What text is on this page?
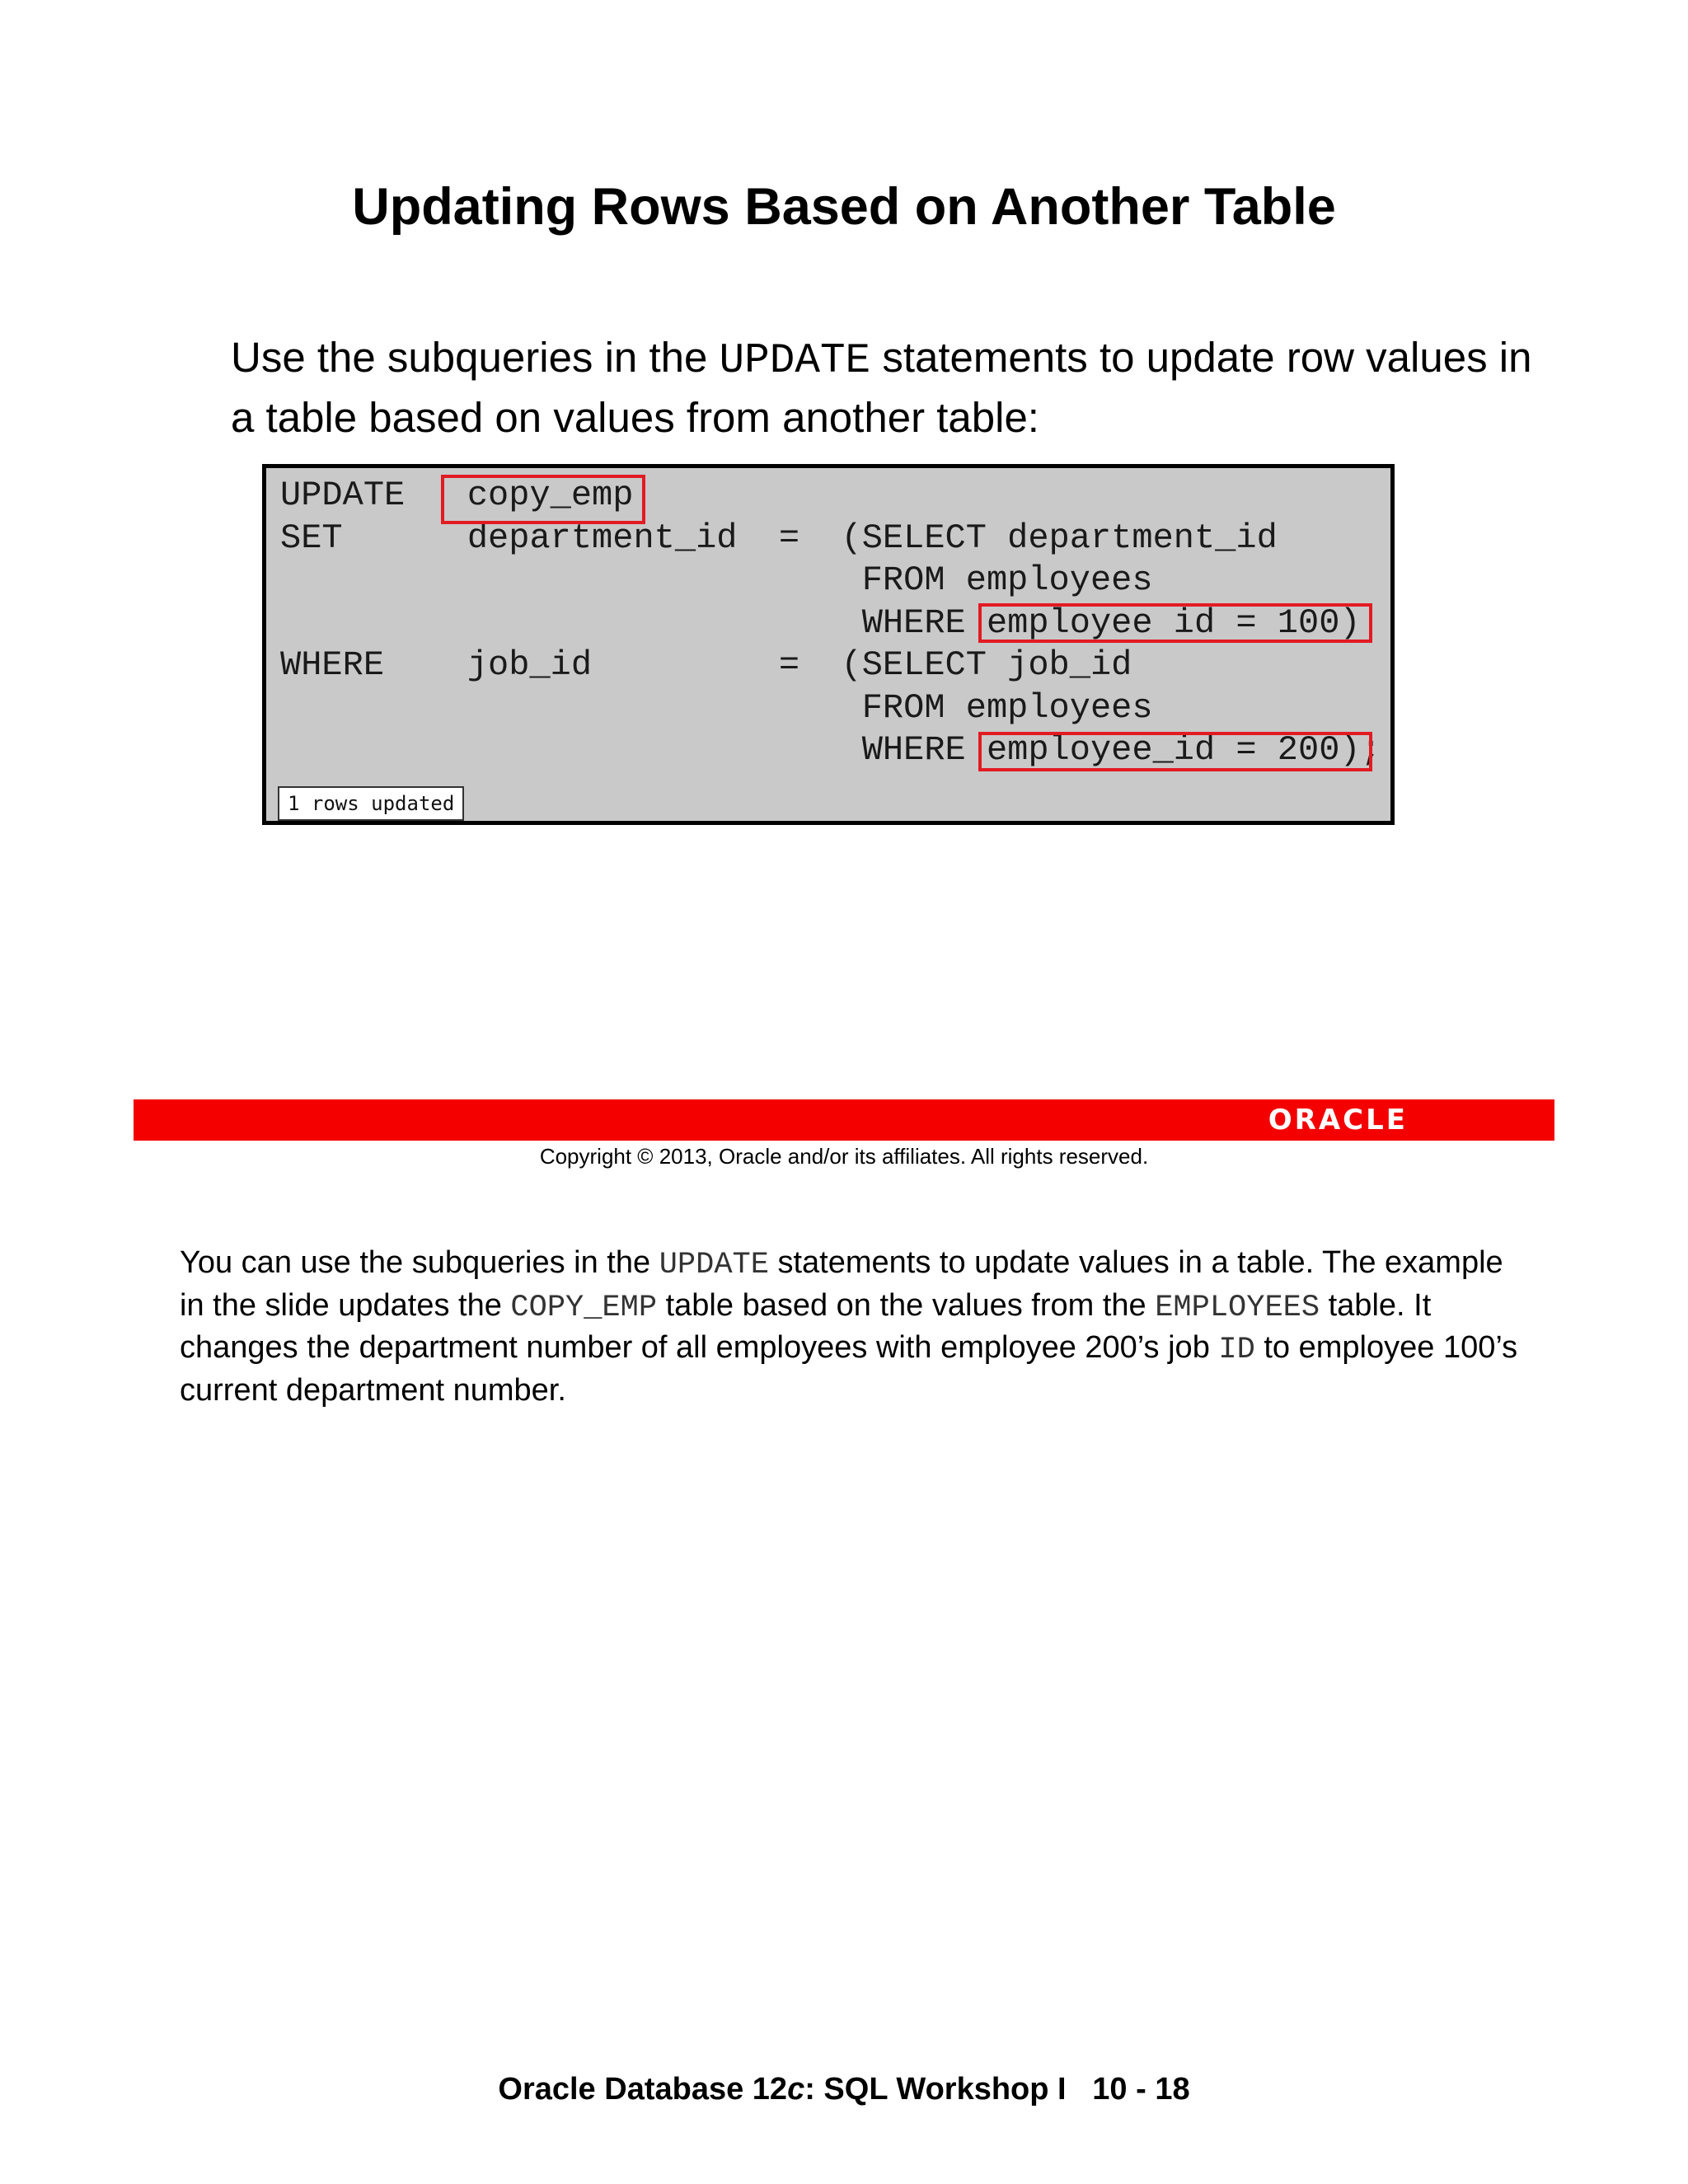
Updating Rows Based on Another Table

Use the subqueries in the UPDATE statements to update row values in a table based on values from another table:

UPDATE   copy_emp
SET      department_id  =  (SELECT department_id
FROM employees
WHERE employee id = 100)
WHERE    job_id         =  (SELECT job_id
FROM employees
WHERE employee_id = 200);
1 rows updated
ORACLE

Copyright © 2013, Oracle and/or its affiliates. All rights reserved.

You can use the subqueries in the UPDATE statements to update values in a table. The example in the slide updates the COPY_EMP table based on the values from the EMPLOYEES table. It changes the department number of all employees with employee 200’s job ID to employee 100’s current department number.

Oracle Database 12c: SQL Workshop I 10 - 18
